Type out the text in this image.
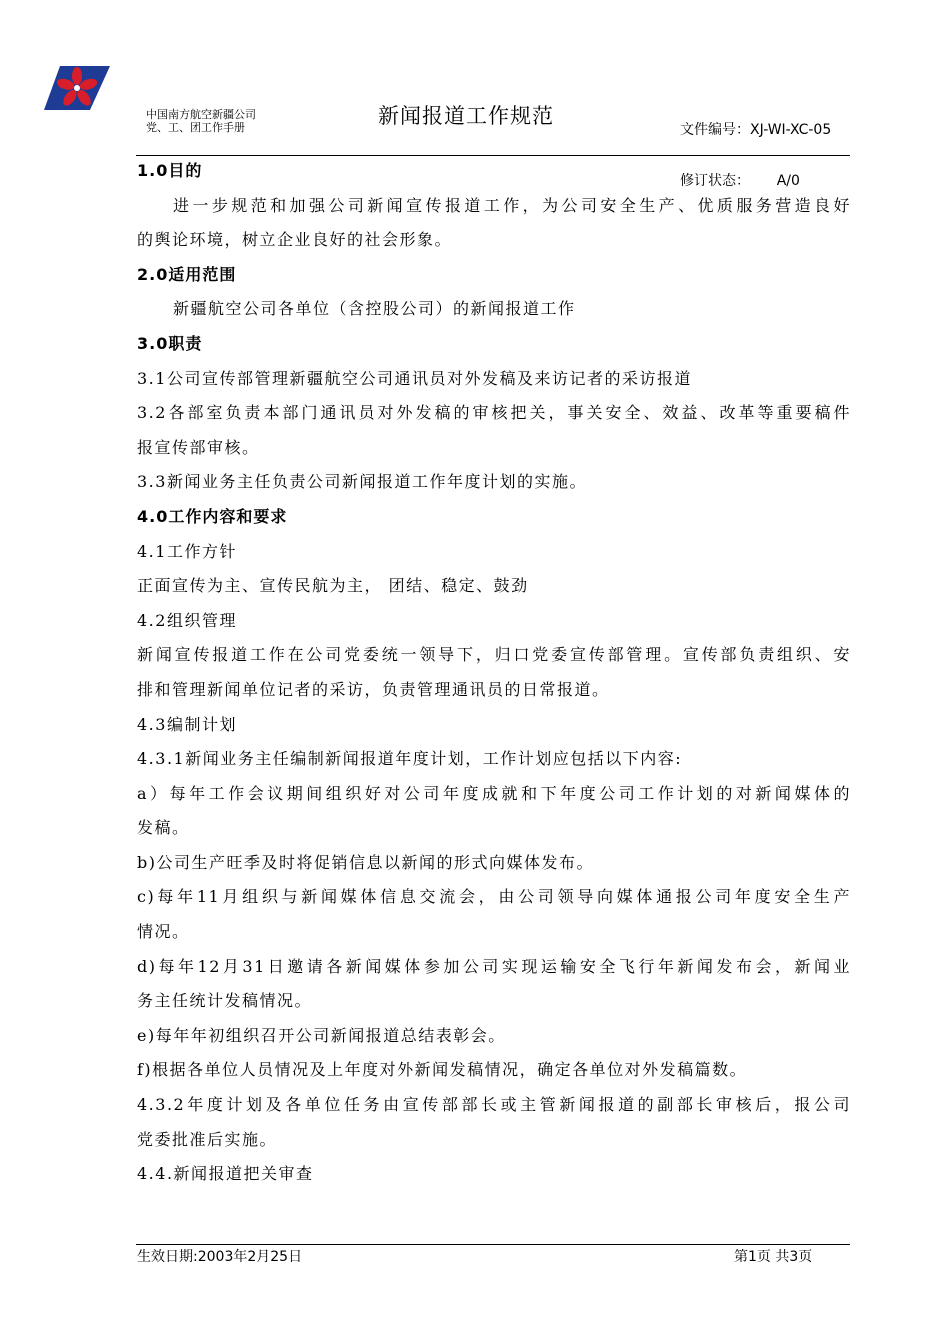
中国南方航空新疆公司
党、工、团工作手册	新闻报道工作规范

文件编号：XJ-WI-XC-05

修订状态：      A/0

1.0目的
进一步规范和加强公司新闻宣传报道工作，为公司安全生产、优质服务营造良好
的舆论环境，树立企业良好的社会形象。
2.0适用范围
新疆航空公司各单位（含控股公司）的新闻报道工作
3.0职责
3.1公司宣传部管理新疆航空公司通讯员对外发稿及来访记者的采访报道
3.2各部室负责本部门通讯员对外发稿的审核把关，事关安全、效益、改革等重要稿件
报宣传部审核。
3.3新闻业务主任负责公司新闻报道工作年度计划的实施。
4.0工作内容和要求
4.1工作方针
正面宣传为主、宣传民航为主， 团结、稳定、鼓劲
4.2组织管理
新闻宣传报道工作在公司党委统一领导下，归口党委宣传部管理。宣传部负责组织、安
排和管理新闻单位记者的采访，负责管理通讯员的日常报道。
4.3编制计划
4.3.1新闻业务主任编制新闻报道年度计划，工作计划应包括以下内容:
a）每年工作会议期间组织好对公司年度成就和下年度公司工作计划的对新闻媒体的
发稿。
b)公司生产旺季及时将促销信息以新闻的形式向媒体发布。
c)每年11月组织与新闻媒体信息交流会，由公司领导向媒体通报公司年度安全生产
情况。
d)每年12月31日邀请各新闻媒体参加公司实现运输安全飞行年新闻发布会，新闻业
务主任统计发稿情况。
e)每年年初组织召开公司新闻报道总结表彰会。
f)根据各单位人员情况及上年度对外新闻发稿情况，确定各单位对外发稿篇数。
4.3.2年度计划及各单位任务由宣传部部长或主管新闻报道的副部长审核后，报公司
党委批准后实施。
4.4.新闻报道把关审查
生效日期:2003年2月25日	第1页 共3页
